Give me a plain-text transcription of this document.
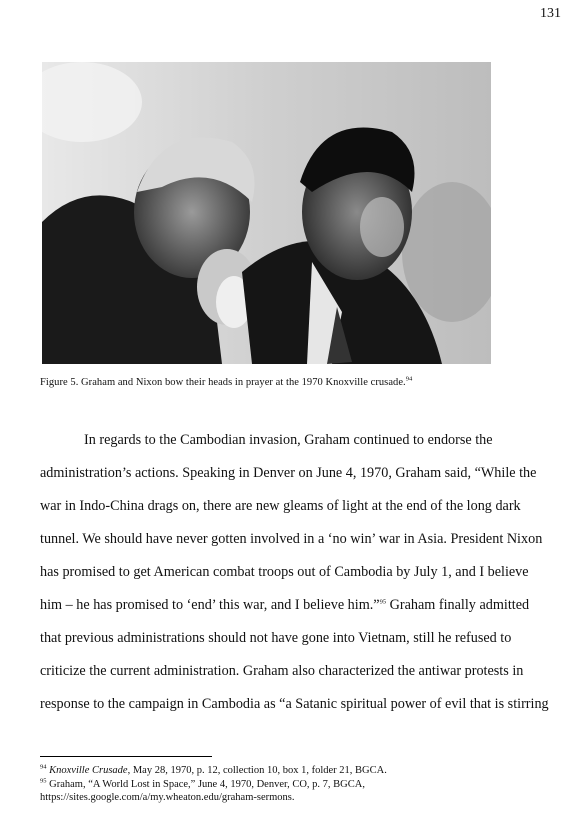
131
Figure 5. Graham and Nixon bow their heads in prayer at the 1970 Knoxville crusade.$^{94}$

In regards to the Cambodian invasion, Graham continued to endorse the

administration’s actions. Speaking in Denver on June 4, 1970, Graham said, “While the

war in Indo-China drags on, there are new gleams of light at the end of the long dark

tunnel. We should have never gotten involved in a ‘no win’ war in Asia. President Nixon

has promised to get American combat troops out of Cambodia by July 1, and I believe

him – he has promised to ‘end’ this war, and I believe him.”$^{95}$ Graham finally admitted

that previous administrations should not have gone into Vietnam, still he refused to

criticize the current administration. Graham also characterized the antiwar protests in

response to the campaign in Cambodia as “a Satanic spiritual power of evil that is stirring

$^{94}$ Knoxville Crusade, May 28, 1970, p. 12, collection 10, box 1, folder 21, BGCA.

$^{95}$ Graham, “A World Lost in Space,” June 4, 1970, Denver, CO, p. 7, BGCA,

https://sites.google.com/a/my.wheaton.edu/graham-sermons.
